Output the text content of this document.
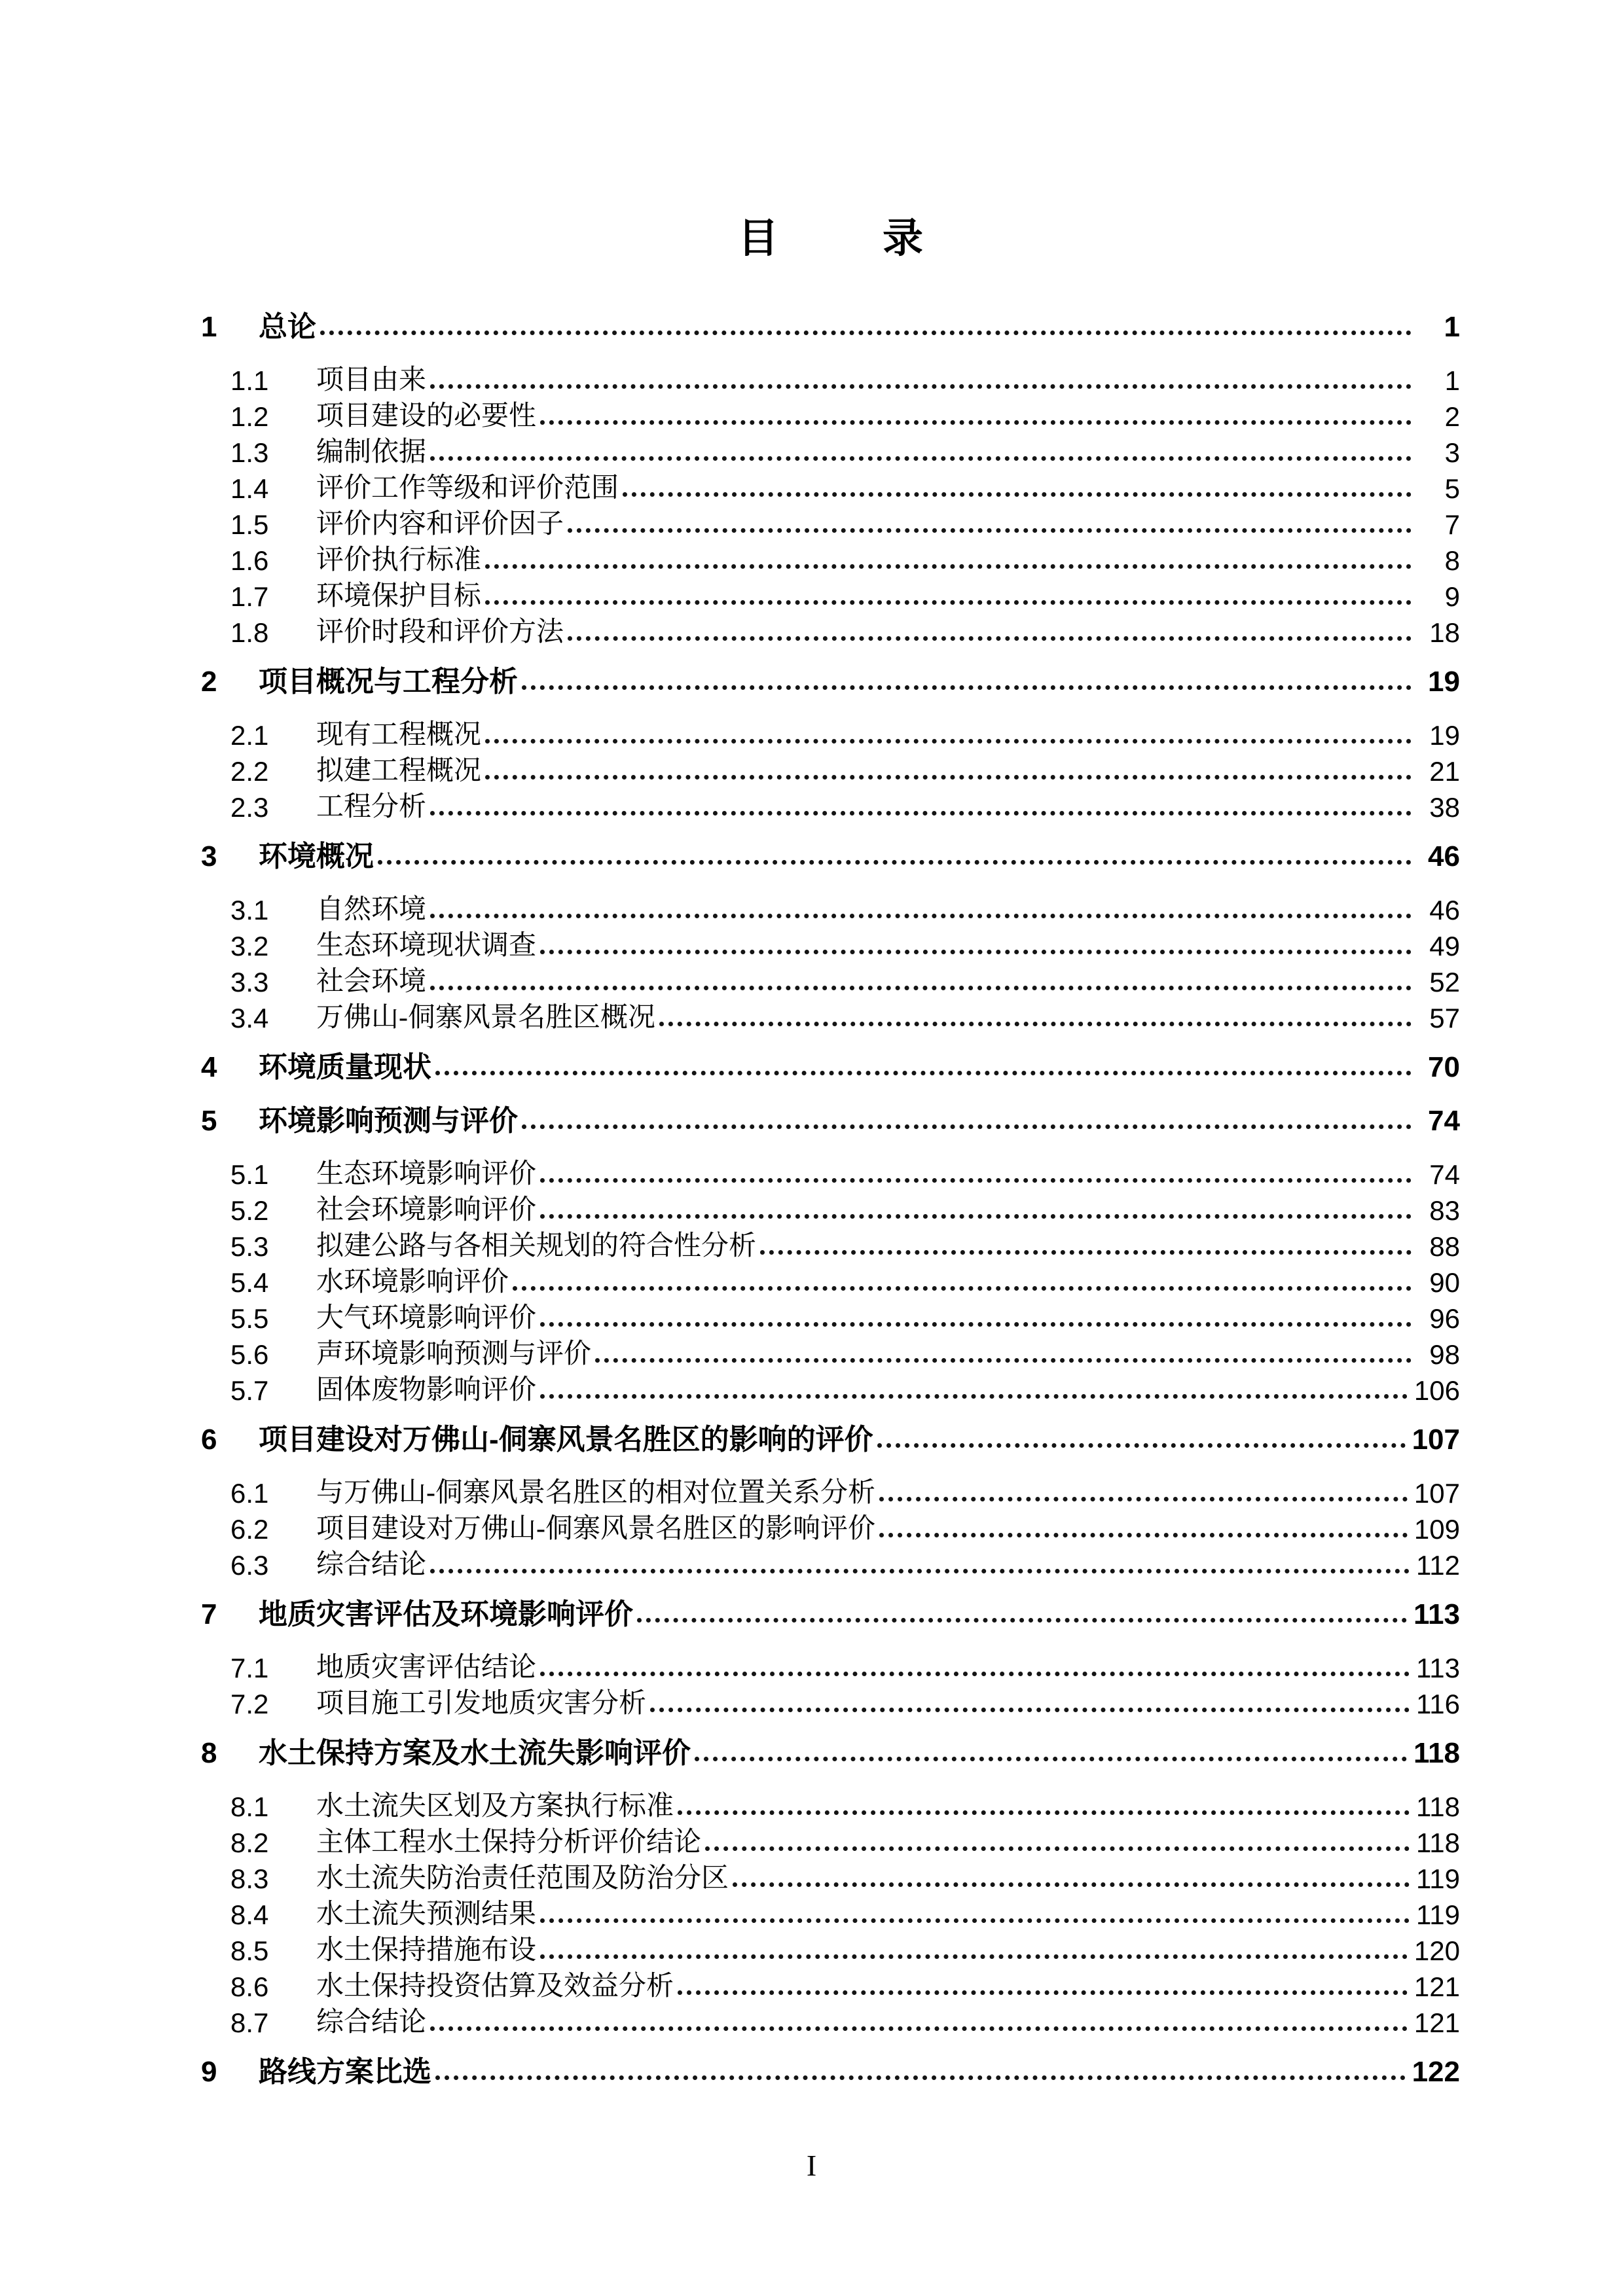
目  录
1	总论	1
1.1	项目由来	1
1.2	项目建设的必要性	2
1.3	编制依据	3
1.4	评价工作等级和评价范围	5
1.5	评价内容和评价因子	7
1.6	评价执行标准	8
1.7	环境保护目标	9
1.8	评价时段和评价方法	18
2	项目概况与工程分析	19
2.1	现有工程概况	19
2.2	拟建工程概况	21
2.3	工程分析	38
3	环境概况	46
3.1	自然环境	46
3.2	生态环境现状调查	49
3.3	社会环境	52
3.4	万佛山-侗寨风景名胜区概况	57
4	环境质量现状	70
5	环境影响预测与评价	74
5.1	生态环境影响评价	74
5.2	社会环境影响评价	83
5.3	拟建公路与各相关规划的符合性分析	88
5.4	水环境影响评价	90
5.5	大气环境影响评价	96
5.6	声环境影响预测与评价	98
5.7	固体废物影响评价	106
6	项目建设对万佛山-侗寨风景名胜区的影响的评价	107
6.1	与万佛山-侗寨风景名胜区的相对位置关系分析	107
6.2	项目建设对万佛山-侗寨风景名胜区的影响评价	109
6.3	综合结论	112
7	地质灾害评估及环境影响评价	113
7.1	地质灾害评估结论	113
7.2	项目施工引发地质灾害分析	116
8	水土保持方案及水土流失影响评价	118
8.1	水土流失区划及方案执行标准	118
8.2	主体工程水土保持分析评价结论	118
8.3	水土流失防治责任范围及防治分区	119
8.4	水土流失预测结果	119
8.5	水土保持措施布设	120
8.6	水土保持投资估算及效益分析	121
8.7	综合结论	121
9	路线方案比选	122
I
